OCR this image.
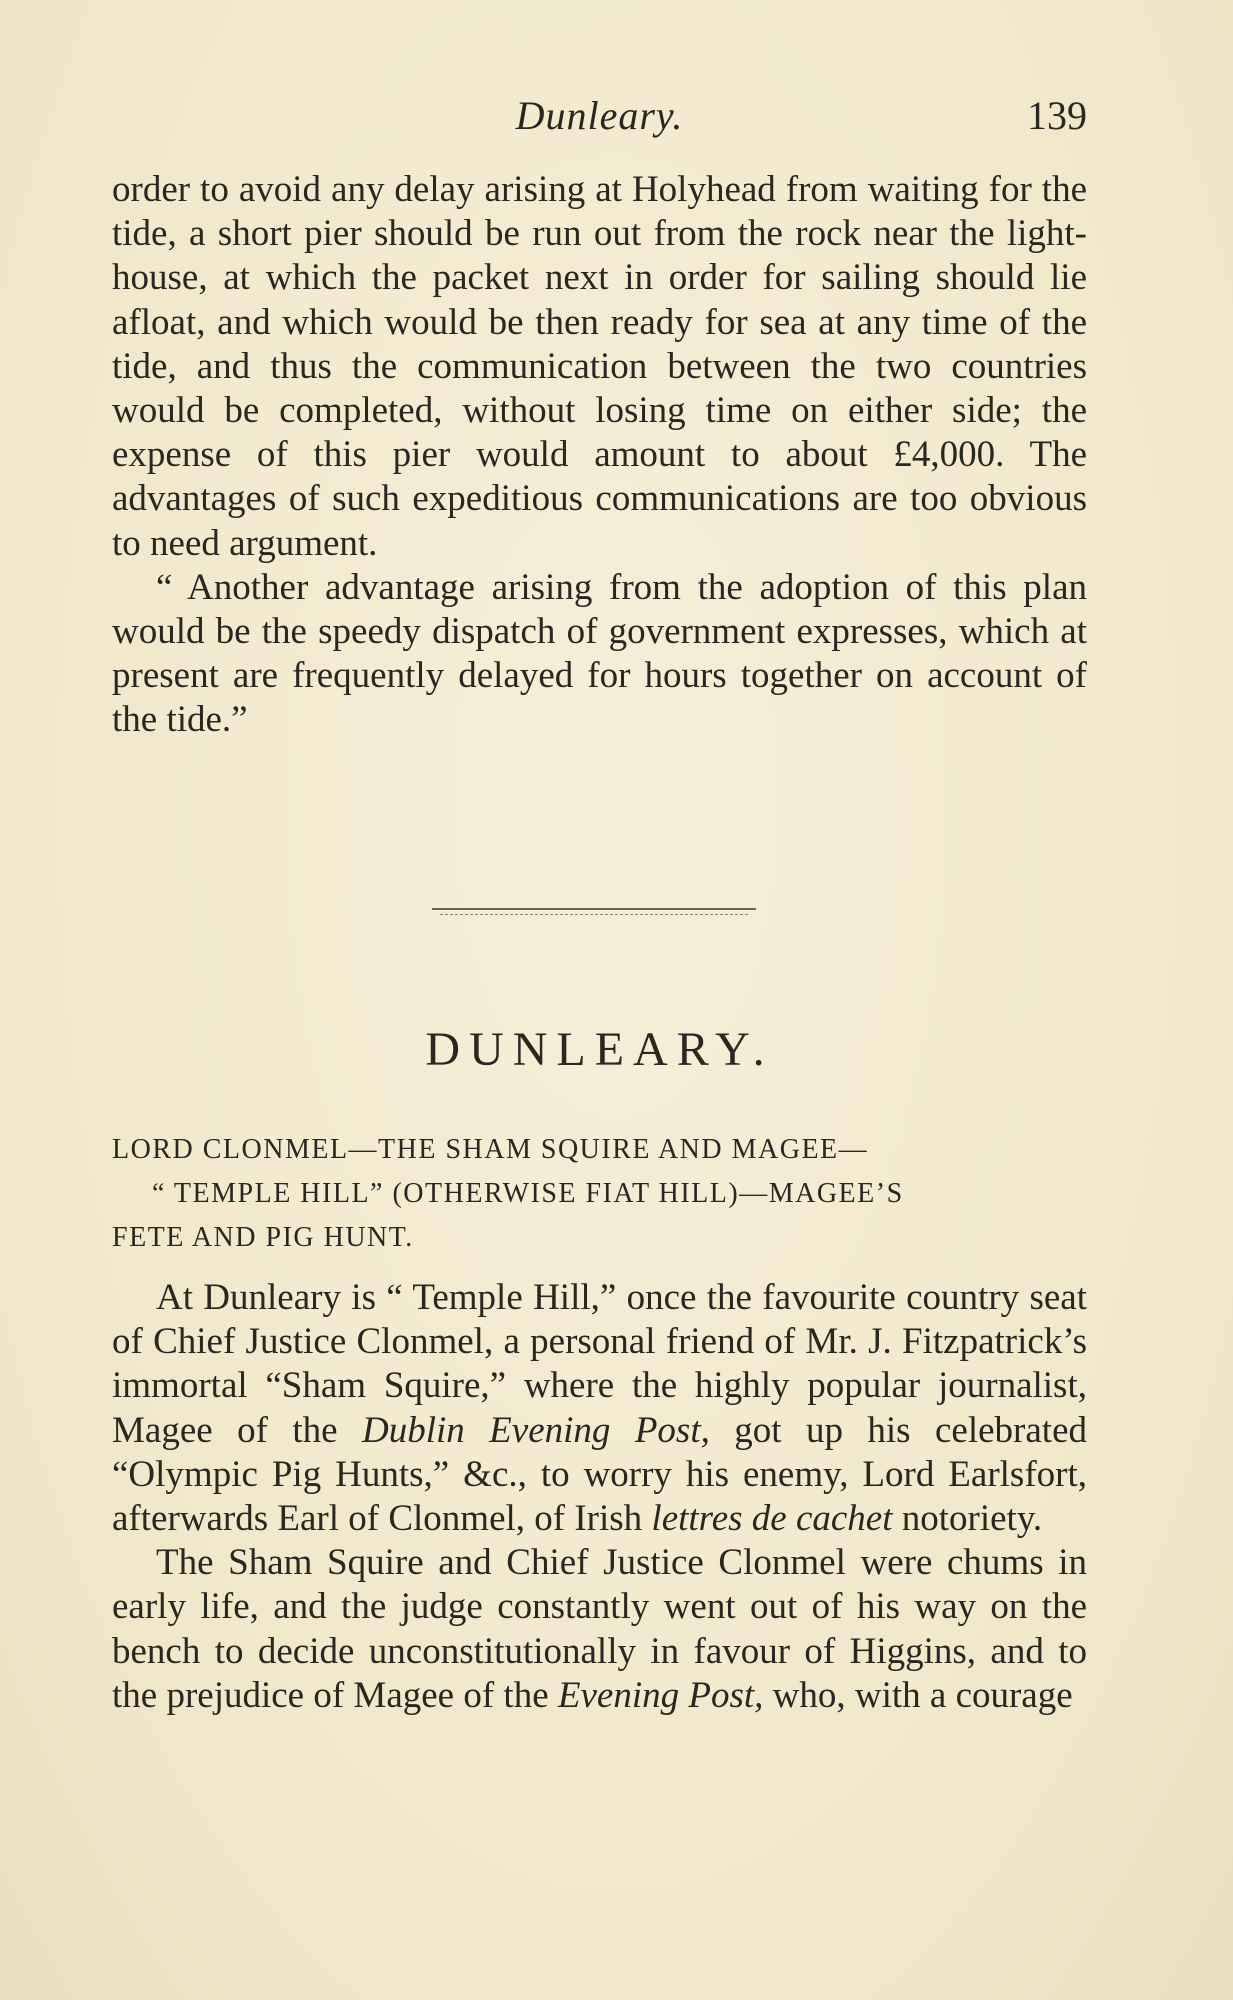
Dunleary.	139

order to avoid any delay arising at Holyhead from waiting for the tide, a short pier should be run out from the rock near the light-house, at which the packet next in order for sailing should lie afloat, and which would be then ready for sea at any time of the tide, and thus the communication between the two countries would be completed, without losing time on either side; the expense of this pier would amount to about £4,000. The advantages of such expeditious communications are too obvious to need argument.

“ Another advantage arising from the adoption of this plan would be the speedy dispatch of government expresses, which at present are frequently delayed for hours together on account of the tide.”

DUNLEARY.
LORD CLONMEL—THE SHAM SQUIRE AND MAGEE—
“ TEMPLE HILL” (OTHERWISE FIAT HILL)—MAGEE’S
FETE AND PIG HUNT.

At Dunleary is “ Temple Hill,” once the favourite country seat of Chief Justice Clonmel, a personal friend of Mr. J. Fitzpatrick’s immortal “Sham Squire,” where the highly popular journalist, Magee of the Dublin Evening Post, got up his celebrated “Olympic Pig Hunts,” &c., to worry his enemy, Lord Earlsfort, afterwards Earl of Clonmel, of Irish lettres de cachet notoriety.

The Sham Squire and Chief Justice Clonmel were chums in early life, and the judge constantly went out of his way on the bench to decide unconstitutionally in favour of Higgins, and to the prejudice of Magee of the Evening Post, who, with a courage
